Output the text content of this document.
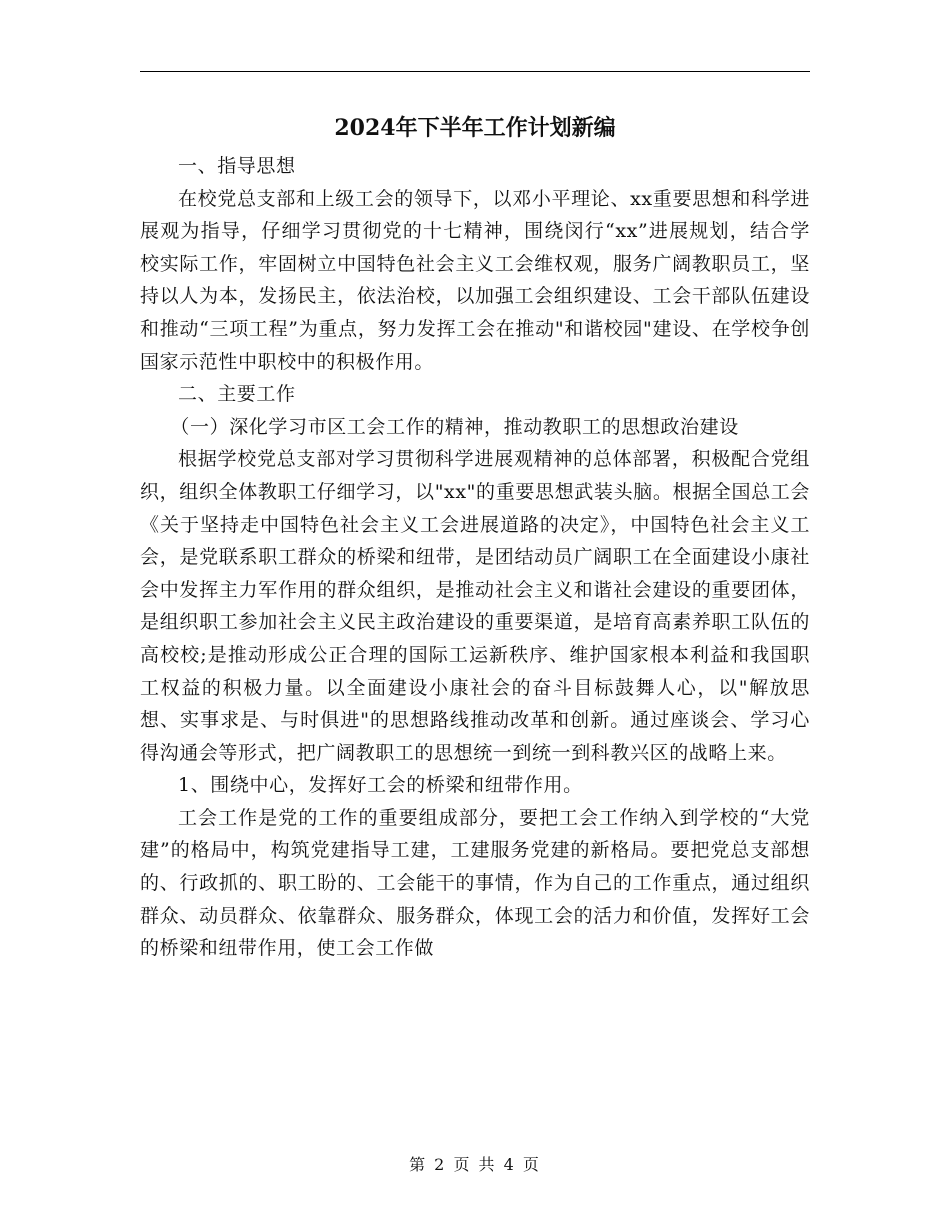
2024年下半年工作计划新编

一、指导思想

在校党总支部和上级工会的领导下，以邓小平理论、xx重要思想和科学进展观为指导，仔细学习贯彻党的十七精神，围绕闵行“xx”进展规划，结合学校实际工作，牢固树立中国特色社会主义工会维权观，服务广阔教职员工，坚持以人为本，发扬民主，依法治校，以加强工会组织建设、工会干部队伍建设和推动“三项工程”为重点，努力发挥工会在推动"和谐校园"建设、在学校争创国家示范性中职校中的积极作用。

二、主要工作

（一）深化学习市区工会工作的精神，推动教职工的思想政治建设

根据学校党总支部对学习贯彻科学进展观精神的总体部署，积极配合党组织，组织全体教职工仔细学习，以"xx"的重要思想武装头脑。根据全国总工会《关于坚持走中国特色社会主义工会进展道路的决定》，中国特色社会主义工会，是党联系职工群众的桥梁和纽带，是团结动员广阔职工在全面建设小康社会中发挥主力军作用的群众组织，是推动社会主义和谐社会建设的重要团体，是组织职工参加社会主义民主政治建设的重要渠道，是培育高素养职工队伍的高校校;是推动形成公正合理的国际工运新秩序、维护国家根本利益和我国职工权益的积极力量。以全面建设小康社会的奋斗目标鼓舞人心，以"解放思想、实事求是、与时俱进"的思想路线推动改革和创新。通过座谈会、学习心得沟通会等形式，把广阔教职工的思想统一到统一到科教兴区的战略上来。

1、围绕中心，发挥好工会的桥梁和纽带作用。

工会工作是党的工作的重要组成部分，要把工会工作纳入到学校的“大党建”的格局中，构筑党建指导工建，工建服务党建的新格局。要把党总支部想的、行政抓的、职工盼的、工会能干的事情，作为自己的工作重点，通过组织群众、动员群众、依靠群众、服务群众，体现工会的活力和价值，发挥好工会的桥梁和纽带作用，使工会工作做

第 2 页 共 4 页
